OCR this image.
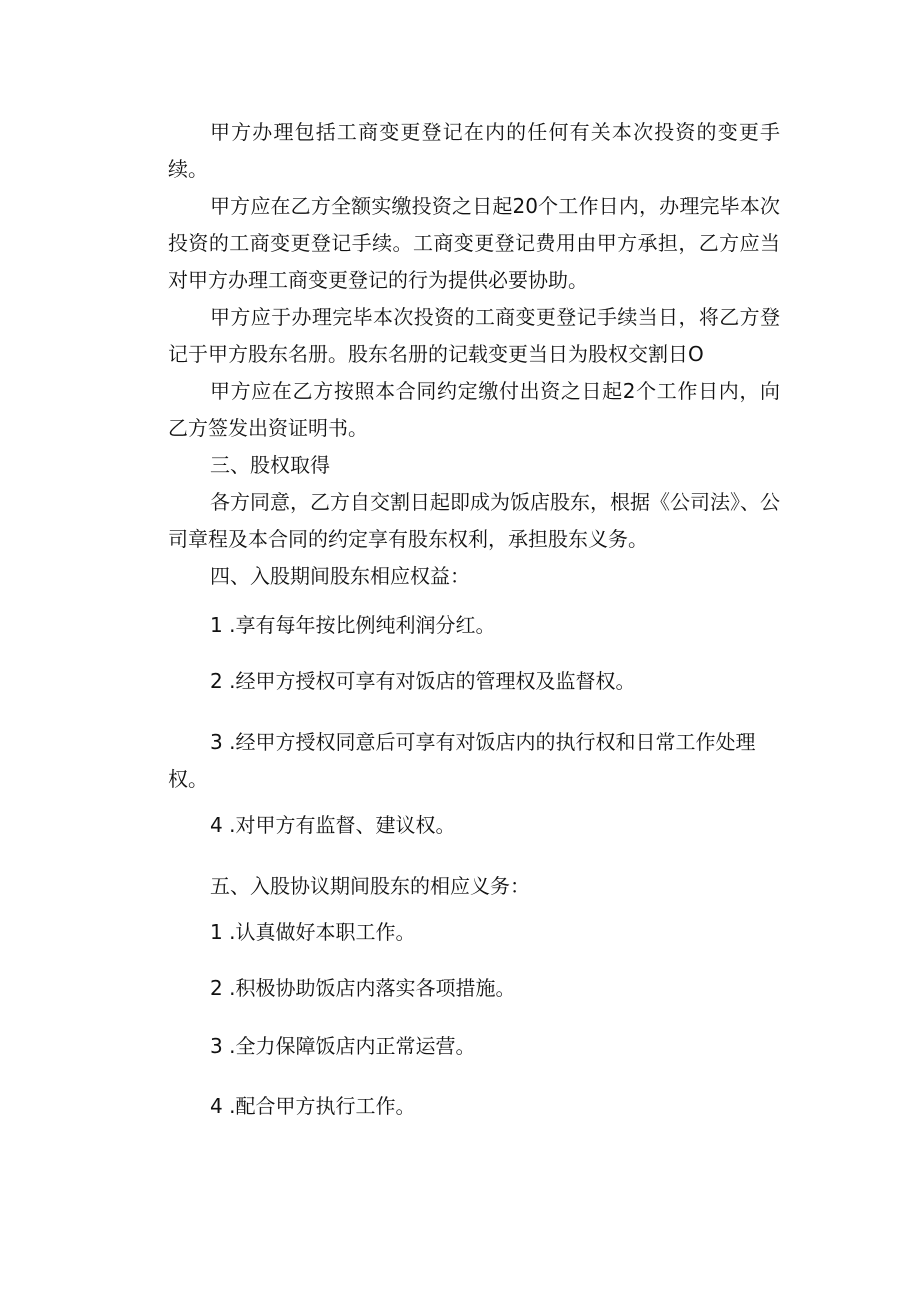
甲方办理包括工商变更登记在内的任何有关本次投资的变更手续。
甲方应在乙方全额实缴投资之日起20个工作日内，办理完毕本次投资的工商变更登记手续。工商变更登记费用由甲方承担，乙方应当对甲方办理工商变更登记的行为提供必要协助。
甲方应于办理完毕本次投资的工商变更登记手续当日，将乙方登记于甲方股东名册。股东名册的记载变更当日为股权交割日O
甲方应在乙方按照本合同约定缴付出资之日起2个工作日内，向乙方签发出资证明书。
三、股权取得
各方同意，乙方自交割日起即成为饭店股东，根据《公司法》、公司章程及本合同的约定享有股东权利，承担股东义务。
四、入股期间股东相应权益：
1 .享有每年按比例纯利润分红。
2 .经甲方授权可享有对饭店的管理权及监督权。
3 .经甲方授权同意后可享有对饭店内的执行权和日常工作处理权。
4 .对甲方有监督、建议权。
五、入股协议期间股东的相应义务：
1 .认真做好本职工作。
2 .积极协助饭店内落实各项措施。
3 .全力保障饭店内正常运营。
4 .配合甲方执行工作。
